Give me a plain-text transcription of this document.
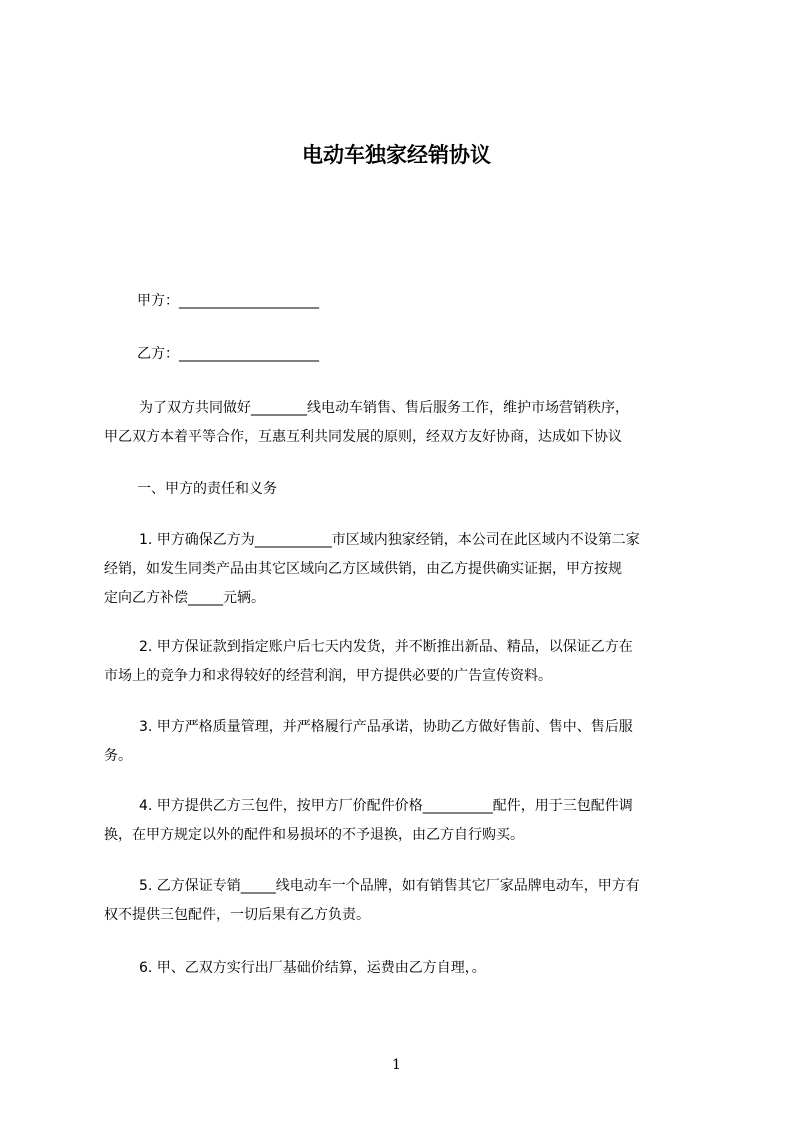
电动车独家经销协议
甲方：____________________
乙方：____________________
为了双方共同做好________线电动车销售、售后服务工作，维护市场营销秩序，
甲乙双方本着平等合作，互惠互利共同发展的原则，经双方友好协商，达成如下协议
一、甲方的责任和义务
1. 甲方确保乙方为___________市区域内独家经销，本公司在此区域内不设第二家
经销，如发生同类产品由其它区域向乙方区域供销，由乙方提供确实证据，甲方按规
定向乙方补偿_____元辆。
2. 甲方保证款到指定账户后七天内发货，并不断推出新品、精品，以保证乙方在
市场上的竞争力和求得较好的经营利润，甲方提供必要的广告宣传资料。
3. 甲方严格质量管理，并严格履行产品承诺，协助乙方做好售前、售中、售后服
务。
4. 甲方提供乙方三包件，按甲方厂价配件价格__________配件，用于三包配件调
换，在甲方规定以外的配件和易损坏的不予退换，由乙方自行购买。
5. 乙方保证专销_____线电动车一个品牌，如有销售其它厂家品牌电动车，甲方有
权不提供三包配件，一切后果有乙方负责。
6. 甲、乙双方实行出厂基础价结算，运费由乙方自理，。
1
